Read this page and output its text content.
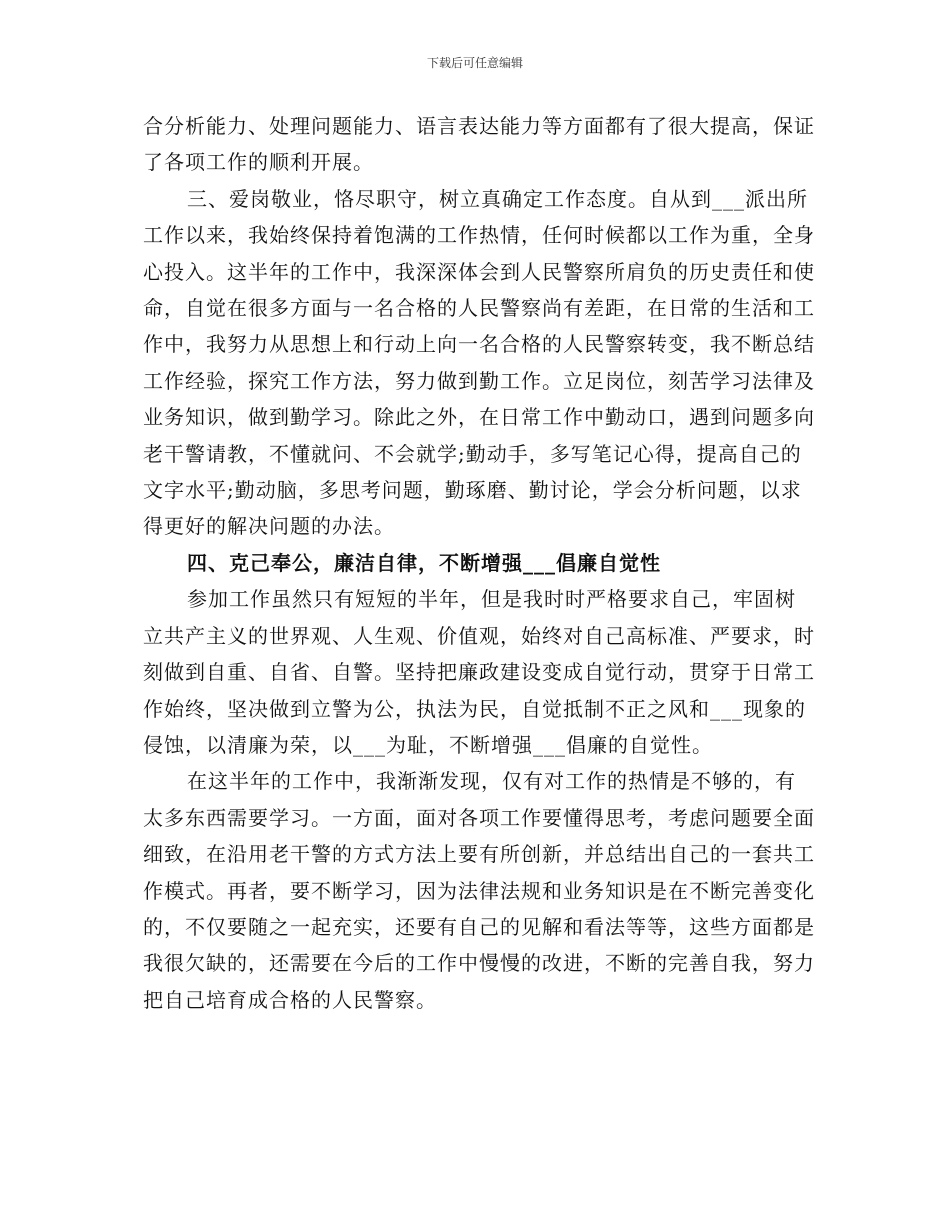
下载后可任意编辑

合分析能力、处理问题能力、语言表达能力等方面都有了很大提高，保证了各项工作的顺利开展。

三、爱岗敬业，恪尽职守，树立真确定工作态度。自从到___派出所工作以来，我始终保持着饱满的工作热情，任何时候都以工作为重，全身心投入。这半年的工作中，我深深体会到人民警察所肩负的历史责任和使命，自觉在很多方面与一名合格的人民警察尚有差距，在日常的生活和工作中，我努力从思想上和行动上向一名合格的人民警察转变，我不断总结工作经验，探究工作方法，努力做到勤工作。立足岗位，刻苦学习法律及业务知识，做到勤学习。除此之外，在日常工作中勤动口，遇到问题多向老干警请教，不懂就问、不会就学;勤动手，多写笔记心得，提高自己的文字水平;勤动脑，多思考问题，勤琢磨、勤讨论，学会分析问题，以求得更好的解决问题的办法。

四、克己奉公，廉洁自律，不断增强___倡廉自觉性

参加工作虽然只有短短的半年，但是我时时严格要求自己，牢固树立共产主义的世界观、人生观、价值观，始终对自己高标准、严要求，时刻做到自重、自省、自警。坚持把廉政建设变成自觉行动，贯穿于日常工作始终，坚决做到立警为公，执法为民，自觉抵制不正之风和___现象的侵蚀，以清廉为荣，以___为耻，不断增强___倡廉的自觉性。

在这半年的工作中，我渐渐发现，仅有对工作的热情是不够的，有太多东西需要学习。一方面，面对各项工作要懂得思考，考虑问题要全面细致，在沿用老干警的方式方法上要有所创新，并总结出自己的一套共工作模式。再者，要不断学习，因为法律法规和业务知识是在不断完善变化的，不仅要随之一起充实，还要有自己的见解和看法等等，这些方面都是我很欠缺的，还需要在今后的工作中慢慢的改进，不断的完善自我，努力把自己培育成合格的人民警察。
